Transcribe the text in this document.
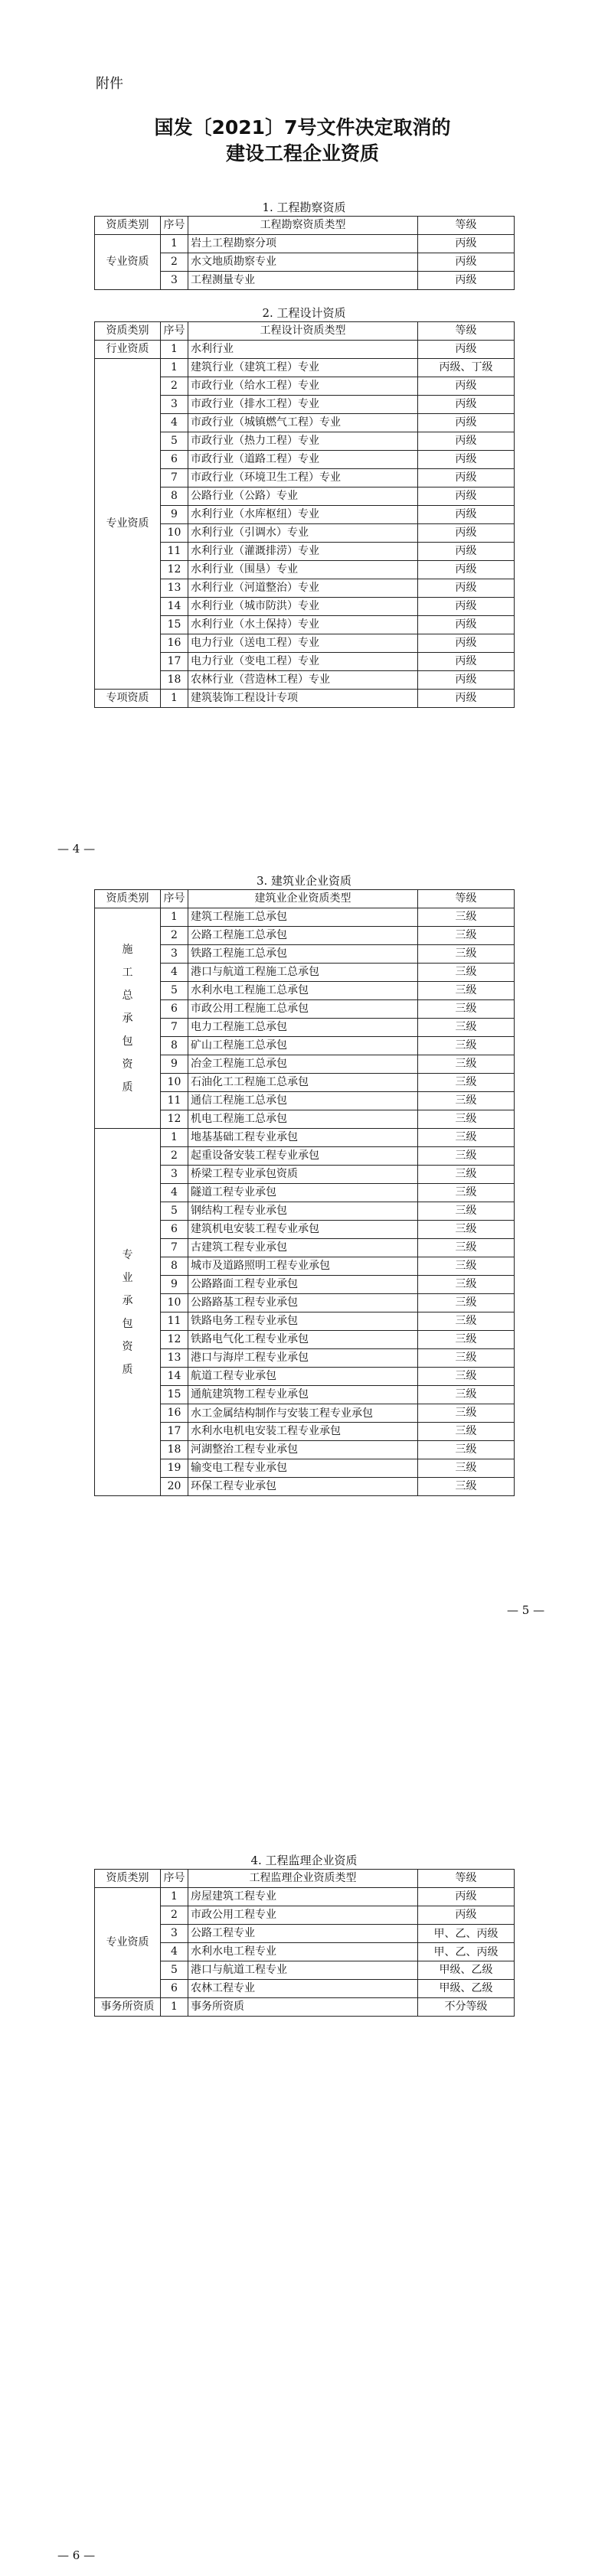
附件
国发〔2021〕7号文件决定取消的
建设工程企业资质
1. 工程勘察资质
资质类别	序号	工程勘察资质类型	等级
专业资质	1	岩土工程勘察分项	丙级
	2	水文地质勘察专业	丙级
	3	工程测量专业	丙级
2. 工程设计资质
资质类别	序号	工程设计资质类型	等级
行业资质	1	水利行业	丙级
专业资质	1	建筑行业（建筑工程）专业	丙级、丁级
	2	市政行业（给水工程）专业	丙级
	3	市政行业（排水工程）专业	丙级
	4	市政行业（城镇燃气工程）专业	丙级
	5	市政行业（热力工程）专业	丙级
	6	市政行业（道路工程）专业	丙级
	7	市政行业（环境卫生工程）专业	丙级
	8	公路行业（公路）专业	丙级
	9	水利行业（水库枢纽）专业	丙级
	10	水利行业（引调水）专业	丙级
	11	水利行业（灌溉排涝）专业	丙级
	12	水利行业（围垦）专业	丙级
	13	水利行业（河道整治）专业	丙级
	14	水利行业（城市防洪）专业	丙级
	15	水利行业（水土保持）专业	丙级
	16	电力行业（送电工程）专业	丙级
	17	电力行业（变电工程）专业	丙级
	18	农林行业（营造林工程）专业	丙级
专项资质	1	建筑装饰工程设计专项	丙级
— 4 —
3. 建筑业企业资质
资质类别	序号	建筑业企业资质类型	等级

施工总承包资质	1	建筑工程施工总承包	三级
	2	公路工程施工总承包	三级
	3	铁路工程施工总承包	三级
	4	港口与航道工程施工总承包	三级
	5	水利水电工程施工总承包	三级
	6	市政公用工程施工总承包	三级
	7	电力工程施工总承包	三级
	8	矿山工程施工总承包	三级
	9	冶金工程施工总承包	三级
	10	石油化工工程施工总承包	三级
	11	通信工程施工总承包	三级
	12	机电工程施工总承包	三级

专业承包资质	1	地基基础工程专业承包	三级
	2	起重设备安装工程专业承包	三级
	3	桥梁工程专业承包资质	三级
	4	隧道工程专业承包	三级
	5	钢结构工程专业承包	三级
	6	建筑机电安装工程专业承包	三级
	7	古建筑工程专业承包	三级
	8	城市及道路照明工程专业承包	三级
	9	公路路面工程专业承包	三级
	10	公路路基工程专业承包	三级
	11	铁路电务工程专业承包	三级
	12	铁路电气化工程专业承包	三级
	13	港口与海岸工程专业承包	三级
	14	航道工程专业承包	三级
	15	通航建筑物工程专业承包	三级
	16	水工金属结构制作与安装工程专业承包	三级
	17	水利水电机电安装工程专业承包	三级
	18	河湖整治工程专业承包	三级
	19	输变电工程专业承包	三级
	20	环保工程专业承包	三级
— 5 —
4. 工程监理企业资质
资质类别	序号	工程监理企业资质类型	等级
专业资质	1	房屋建筑工程专业	丙级
	2	市政公用工程专业	丙级
	3	公路工程专业	甲、乙、丙级
	4	水利水电工程专业	甲、乙、丙级
	5	港口与航道工程专业	甲级、乙级
	6	农林工程专业	甲级、乙级
事务所资质	1	事务所资质	不分等级
— 6 —
